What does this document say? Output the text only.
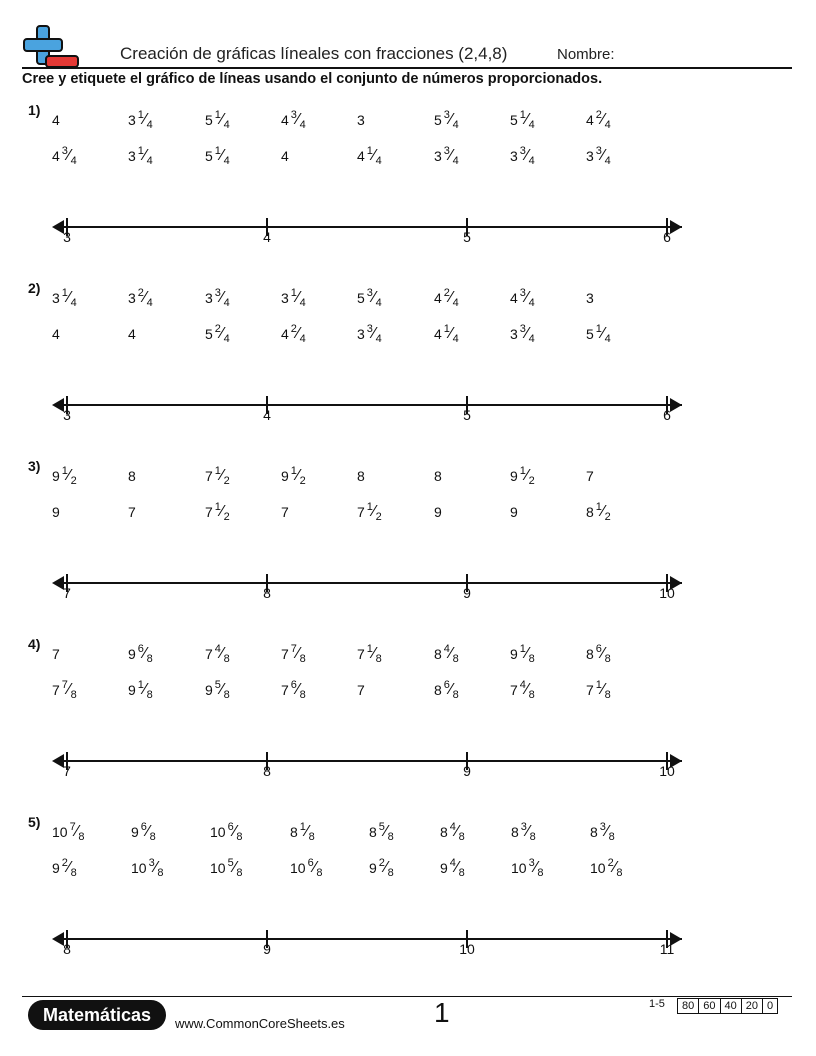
Creación de gráficas líneales con fracciones (2,4,8)	Nombre:
Cree y etiquete el gráfico de líneas usando el conjunto de números proporcionados.
1)
4	3 $^1⁄_4$	5 $^1⁄_4$	4 $^3⁄_4$	3	5 $^3⁄_4$	5 $^1⁄_4$	4 $^2⁄_4$
4 $^3⁄_4$	3 $^1⁄_4$	5 $^1⁄_4$	4	4 $^1⁄_4$	3 $^3⁄_4$	3 $^3⁄_4$	3 $^3⁄_4$
3	4	5	6
2)
3 $^1⁄_4$	3 $^2⁄_4$	3 $^3⁄_4$	3 $^1⁄_4$	5 $^3⁄_4$	4 $^2⁄_4$	4 $^3⁄_4$	3
4	4	5 $^2⁄_4$	4 $^2⁄_4$	3 $^3⁄_4$	4 $^1⁄_4$	3 $^3⁄_4$	5 $^1⁄_4$
3	4	5	6
3)
9 $^1⁄_2$	8	7 $^1⁄_2$	9 $^1⁄_2$	8	8	9 $^1⁄_2$	7
9	7	7 $^1⁄_2$	7	7 $^1⁄_2$	9	9	8 $^1⁄_2$
7	8	9	10
4)
7	9 $^6⁄_8$	7 $^4⁄_8$	7 $^7⁄_8$	7 $^1⁄_8$	8 $^4⁄_8$	9 $^1⁄_8$	8 $^6⁄_8$
7 $^7⁄_8$	9 $^1⁄_8$	9 $^5⁄_8$	7 $^6⁄_8$	7	8 $^6⁄_8$	7 $^4⁄_8$	7 $^1⁄_8$
7	8	9	10
5)
10 $^7⁄_8$	9 $^6⁄_8$	10 $^6⁄_8$	8 $^1⁄_8$	8 $^5⁄_8$	8 $^4⁄_8$	8 $^3⁄_8$	8 $^3⁄_8$
9 $^2⁄_8$	10 $^3⁄_8$	10 $^5⁄_8$	10 $^6⁄_8$	9 $^2⁄_8$	9 $^4⁄_8$	10 $^3⁄_8$	10 $^2⁄_8$
8	9	10	11
Matemáticas	www.CommonCoreSheets.es	1	1-5	80 60 40 20 0
